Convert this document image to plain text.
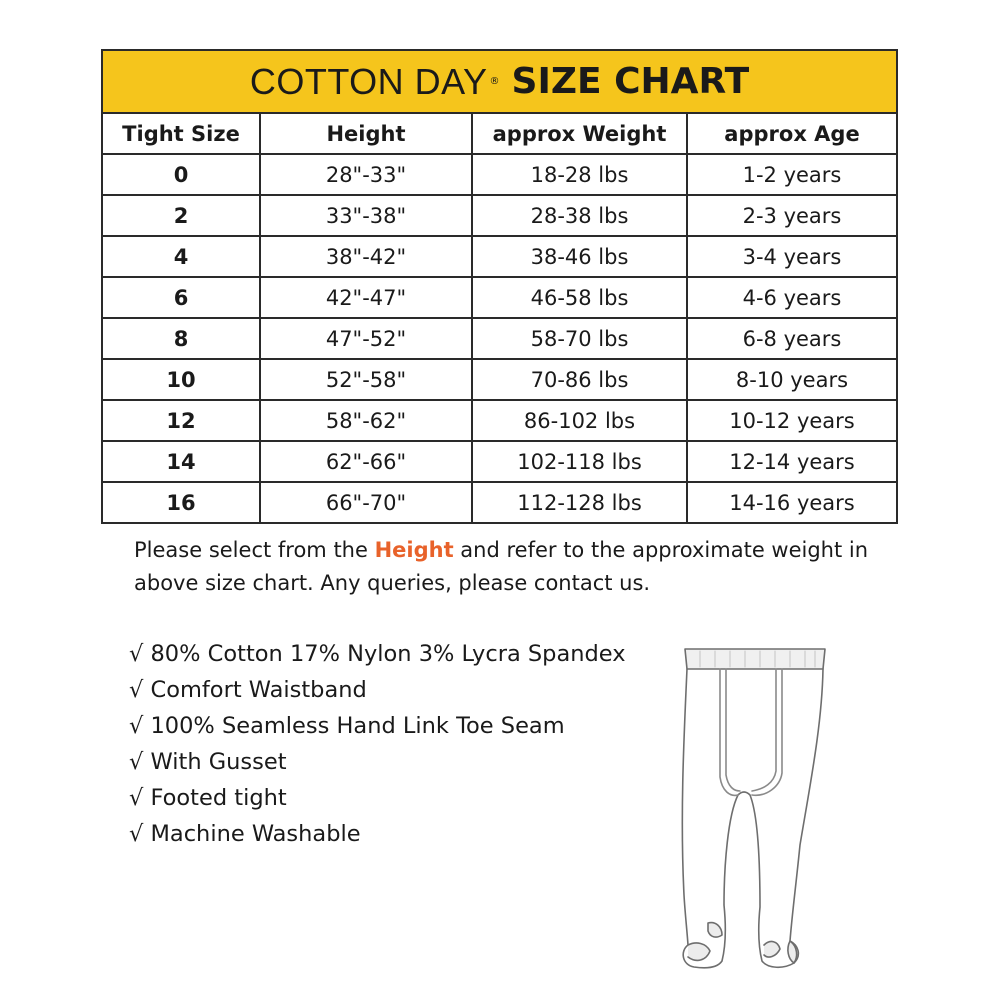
COTTON DAY ® SIZE CHART
Tight Size	Height	approx Weight	approx Age
0	28"-33"	18-28 lbs	1-2 years
2	33"-38"	28-38 lbs	2-3 years
4	38"-42"	38-46 lbs	3-4 years
6	42"-47"	46-58 lbs	4-6 years
8	47"-52"	58-70 lbs	6-8 years
10	52"-58"	70-86 lbs	8-10 years
12	58"-62"	86-102 lbs	10-12 years
14	62"-66"	102-118 lbs	12-14 years
16	66"-70"	112-128 lbs	14-16 years
Please select from the Height and refer to the approximate weight in above size chart. Any queries, please contact us.
√ 80% Cotton 17% Nylon 3% Lycra Spandex
√ Comfort Waistband
√ 100% Seamless Hand Link Toe Seam
√ With Gusset
√ Footed tight
√ Machine Washable
